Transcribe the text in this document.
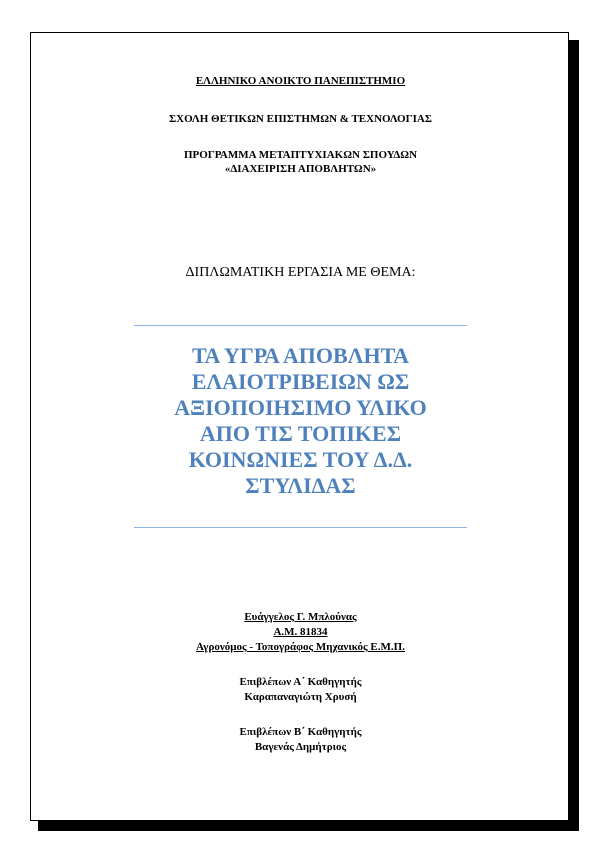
ΕΛΛΗΝΙΚΟ ΑΝΟΙΚΤΟ ΠΑΝΕΠΙΣΤΗΜΙΟ
ΣΧΟΛΗ ΘΕΤΙΚΩΝ ΕΠΙΣΤΗΜΩΝ & ΤΕΧΝΟΛΟΓΙΑΣ
ΠΡΟΓΡΑΜΜΑ ΜΕΤΑΠΤΥΧΙΑΚΩΝ ΣΠΟΥΔΩΝ
«ΔΙΑΧΕΙΡΙΣΗ ΑΠΟΒΛΗΤΩΝ»
ΔΙΠΛΩΜΑΤΙΚΗ ΕΡΓΑΣΙΑ ΜΕ ΘΕΜΑ:
ΤΑ ΥΓΡΑ ΑΠΟΒΛΗΤΑ
ΕΛΑΙΟΤΡΙΒΕΙΩΝ ΩΣ
ΑΞΙΟΠΟΙΗΣΙΜΟ ΥΛΙΚΟ
ΑΠΟ ΤΙΣ ΤΟΠΙΚΕΣ
ΚΟΙΝΩΝΙΕΣ ΤΟΥ Δ.Δ.
ΣΤΥΛΙΔΑΣ
Ευάγγελος Γ. Μπλούνας
Α.Μ. 81834
Αγρονόμος - Τοπογράφος Μηχανικός Ε.Μ.Π.
Επιβλέπων Α΄ Καθηγητής
Καραπαναγιώτη Χρυσή
Επιβλέπων Β΄ Καθηγητής
Βαγενάς Δημήτριος
